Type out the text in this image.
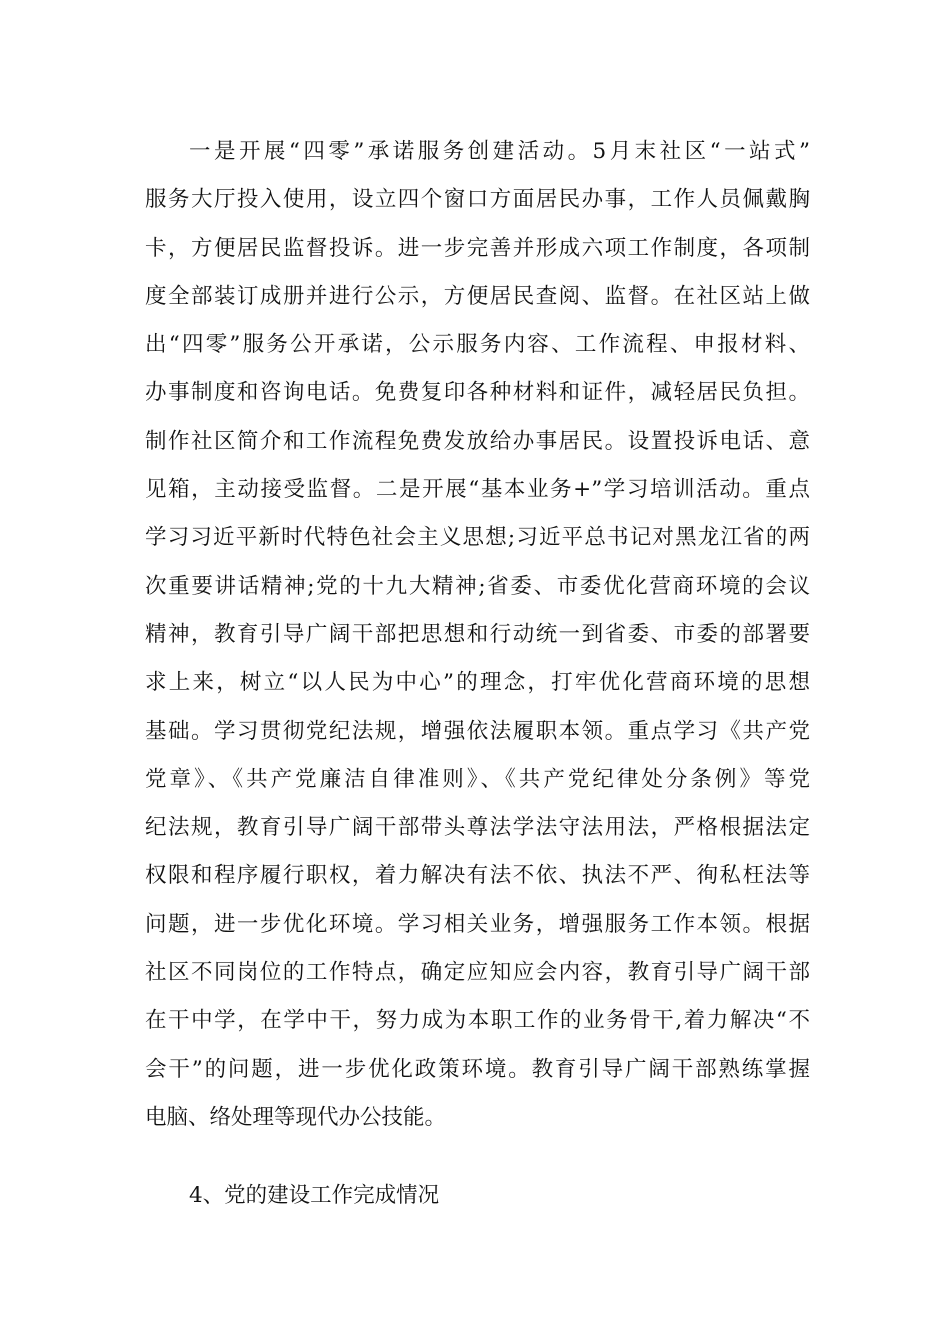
一是开展“四零”承诺服务创建活动。5月末社区“一站式”
服务大厅投入使用，设立四个窗口方面居民办事，工作人员佩戴胸
卡，方便居民监督投诉。进一步完善并形成六项工作制度，各项制
度全部装订成册并进行公示，方便居民查阅、监督。在社区站上做
出“四零”服务公开承诺，公示服务内容、工作流程、申报材料、
办事制度和咨询电话。免费复印各种材料和证件，减轻居民负担。
制作社区简介和工作流程免费发放给办事居民。设置投诉电话、意
见箱，主动接受监督。二是开展“基本业务+”学习培训活动。重点
学习习近平新时代特色社会主义思想;习近平总书记对黑龙江省的两
次重要讲话精神;党的十九大精神;省委、市委优化营商环境的会议
精神，教育引导广阔干部把思想和行动统一到省委、市委的部署要
求上来，树立“以人民为中心”的理念，打牢优化营商环境的思想
基础。学习贯彻党纪法规，增强依法履职本领。重点学习《共产党
党章》、《共产党廉洁自律准则》、《共产党纪律处分条例》等党
纪法规，教育引导广阔干部带头尊法学法守法用法，严格根据法定
权限和程序履行职权，着力解决有法不依、执法不严、徇私枉法等
问题，进一步优化环境。学习相关业务，增强服务工作本领。根据
社区不同岗位的工作特点，确定应知应会内容，教育引导广阔干部
在干中学，在学中干，努力成为本职工作的业务骨干,着力解决“不
会干”的问题，进一步优化政策环境。教育引导广阔干部熟练掌握
电脑、络处理等现代办公技能。
4、党的建设工作完成情况
